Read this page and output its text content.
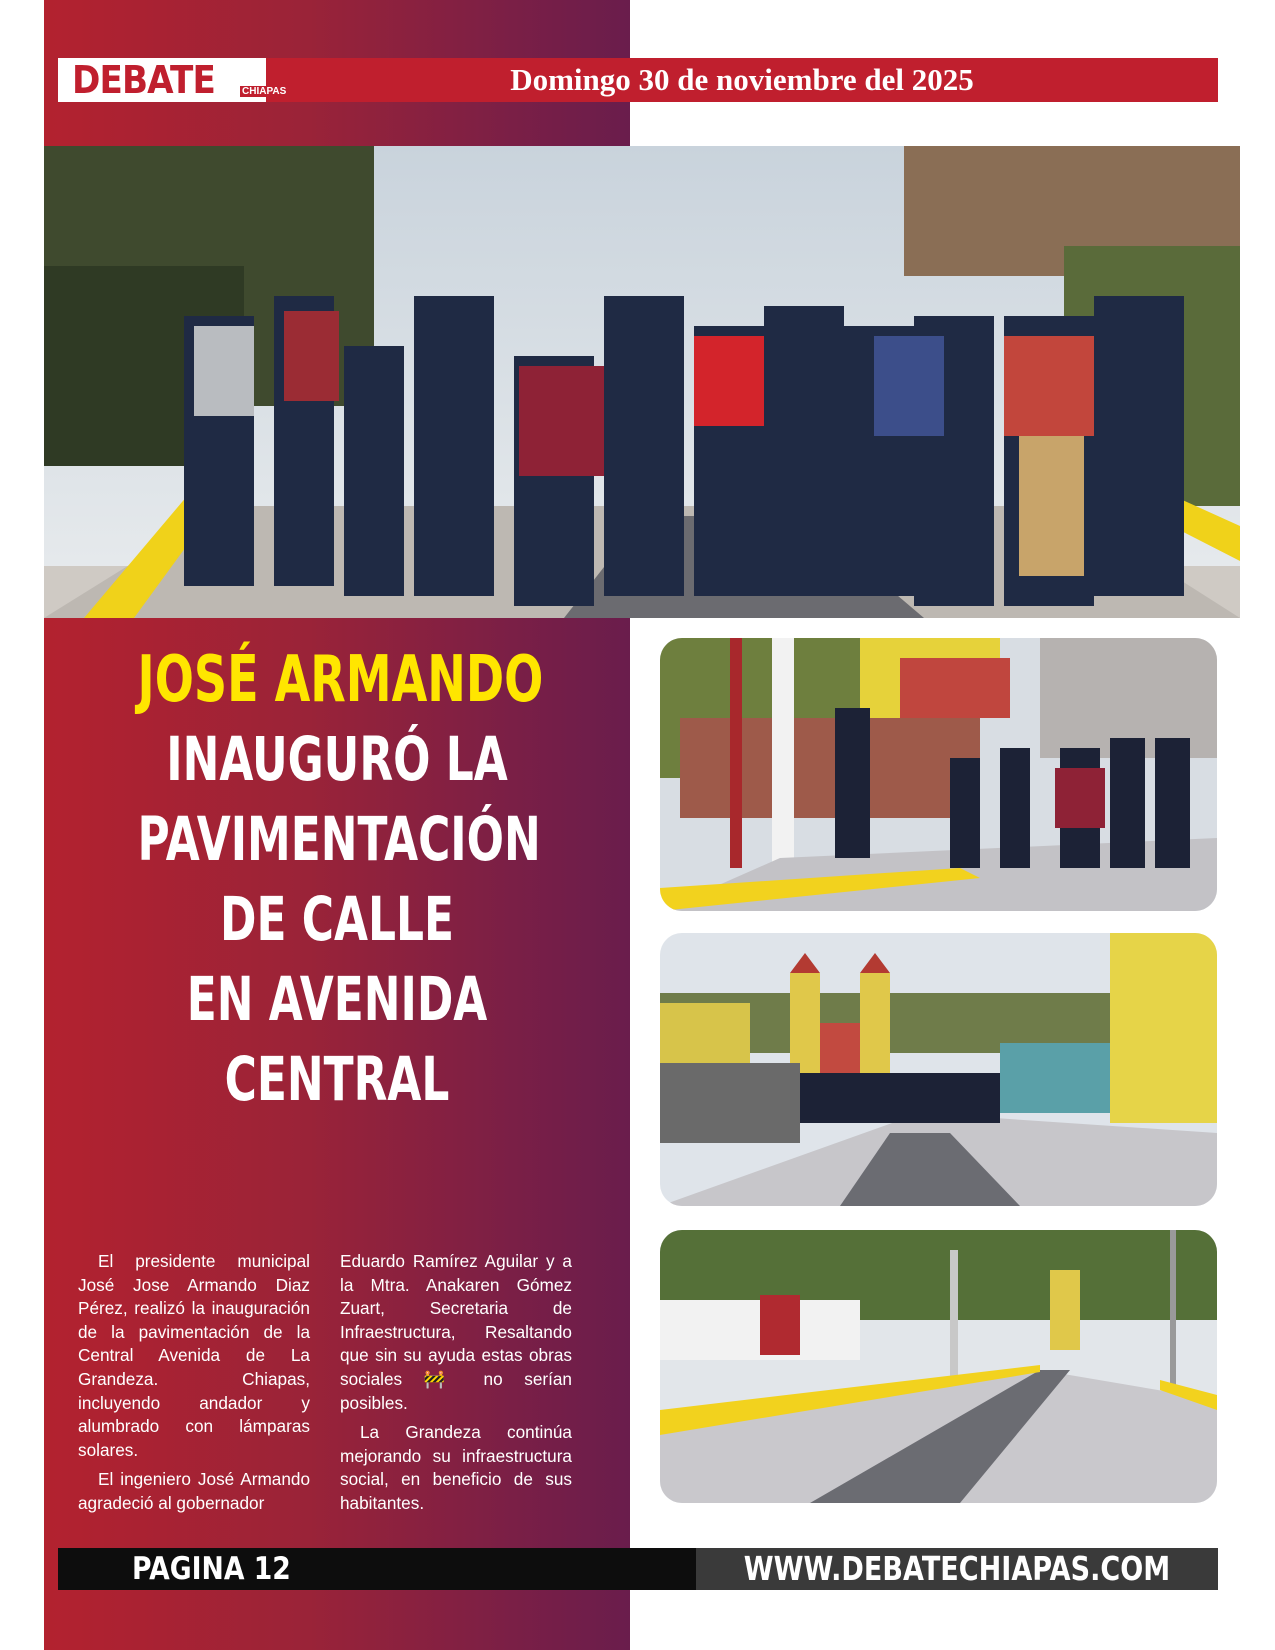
DEBATE	CHIAPAS	Domingo 30 de noviembre del 2025
JOSÉ ARMANDO
INAUGURÓ LA
PAVIMENTACIÓN
DE CALLE
EN AVENIDA
CENTRAL

El presidente municipal José Jose Armando Diaz Pérez, realizó la inauguración de la pavimentación de la Central Avenida de La Grandeza. Chiapas, incluyendo andador y alumbrado con lámparas solares.

El ingeniero José Armando agradeció al gobernador

Eduardo Ramírez Aguilar y a la Mtra. Anakaren Gómez Zuart, Secretaria de Infraestructura, Resaltando que sin su ayuda estas obras sociales 🚧 no serían posibles.

La Grandeza continúa mejorando su infraestructura social, en beneficio de sus habitantes.

PAGINA 12	WWW.DEBATECHIAPAS.COM
